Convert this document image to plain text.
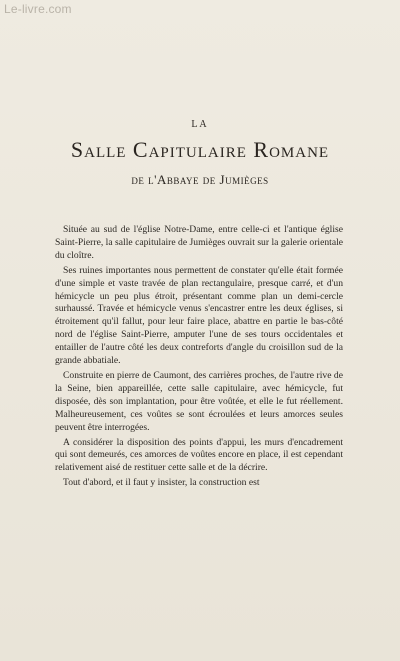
Le-livre.com
LA
Salle Capitulaire Romane
de l'Abbaye de Jumièges

Située au sud de l'église Notre-Dame, entre celle-ci et l'antique église Saint-Pierre, la salle capitulaire de Jumièges ouvrait sur la galerie orientale du cloître.

Ses ruines importantes nous permettent de constater qu'elle était formée d'une simple et vaste travée de plan rectangulaire, presque carré, et d'un hémicycle un peu plus étroit, présentant comme plan un demi-cercle surhaussé. Travée et hémicycle venus s'encastrer entre les deux églises, si étroitement qu'il fallut, pour leur faire place, abattre en partie le bas-côté nord de l'église Saint-Pierre, amputer l'une de ses tours occidentales et entailler de l'autre côté les deux contreforts d'angle du croisillon sud de la grande abbatiale.

Construite en pierre de Caumont, des carrières proches, de l'autre rive de la Seine, bien appareillée, cette salle capitulaire, avec hémicycle, fut disposée, dès son implantation, pour être voûtée, et elle le fut réellement. Malheureusement, ces voûtes se sont écroulées et leurs amorces seules peuvent être interrogées.

A considérer la disposition des points d'appui, les murs d'encadrement qui sont demeurés, ces amorces de voûtes encore en place, il est cependant relativement aisé de restituer cette salle et de la décrire.

Tout d'abord, et il faut y insister, la construction est
